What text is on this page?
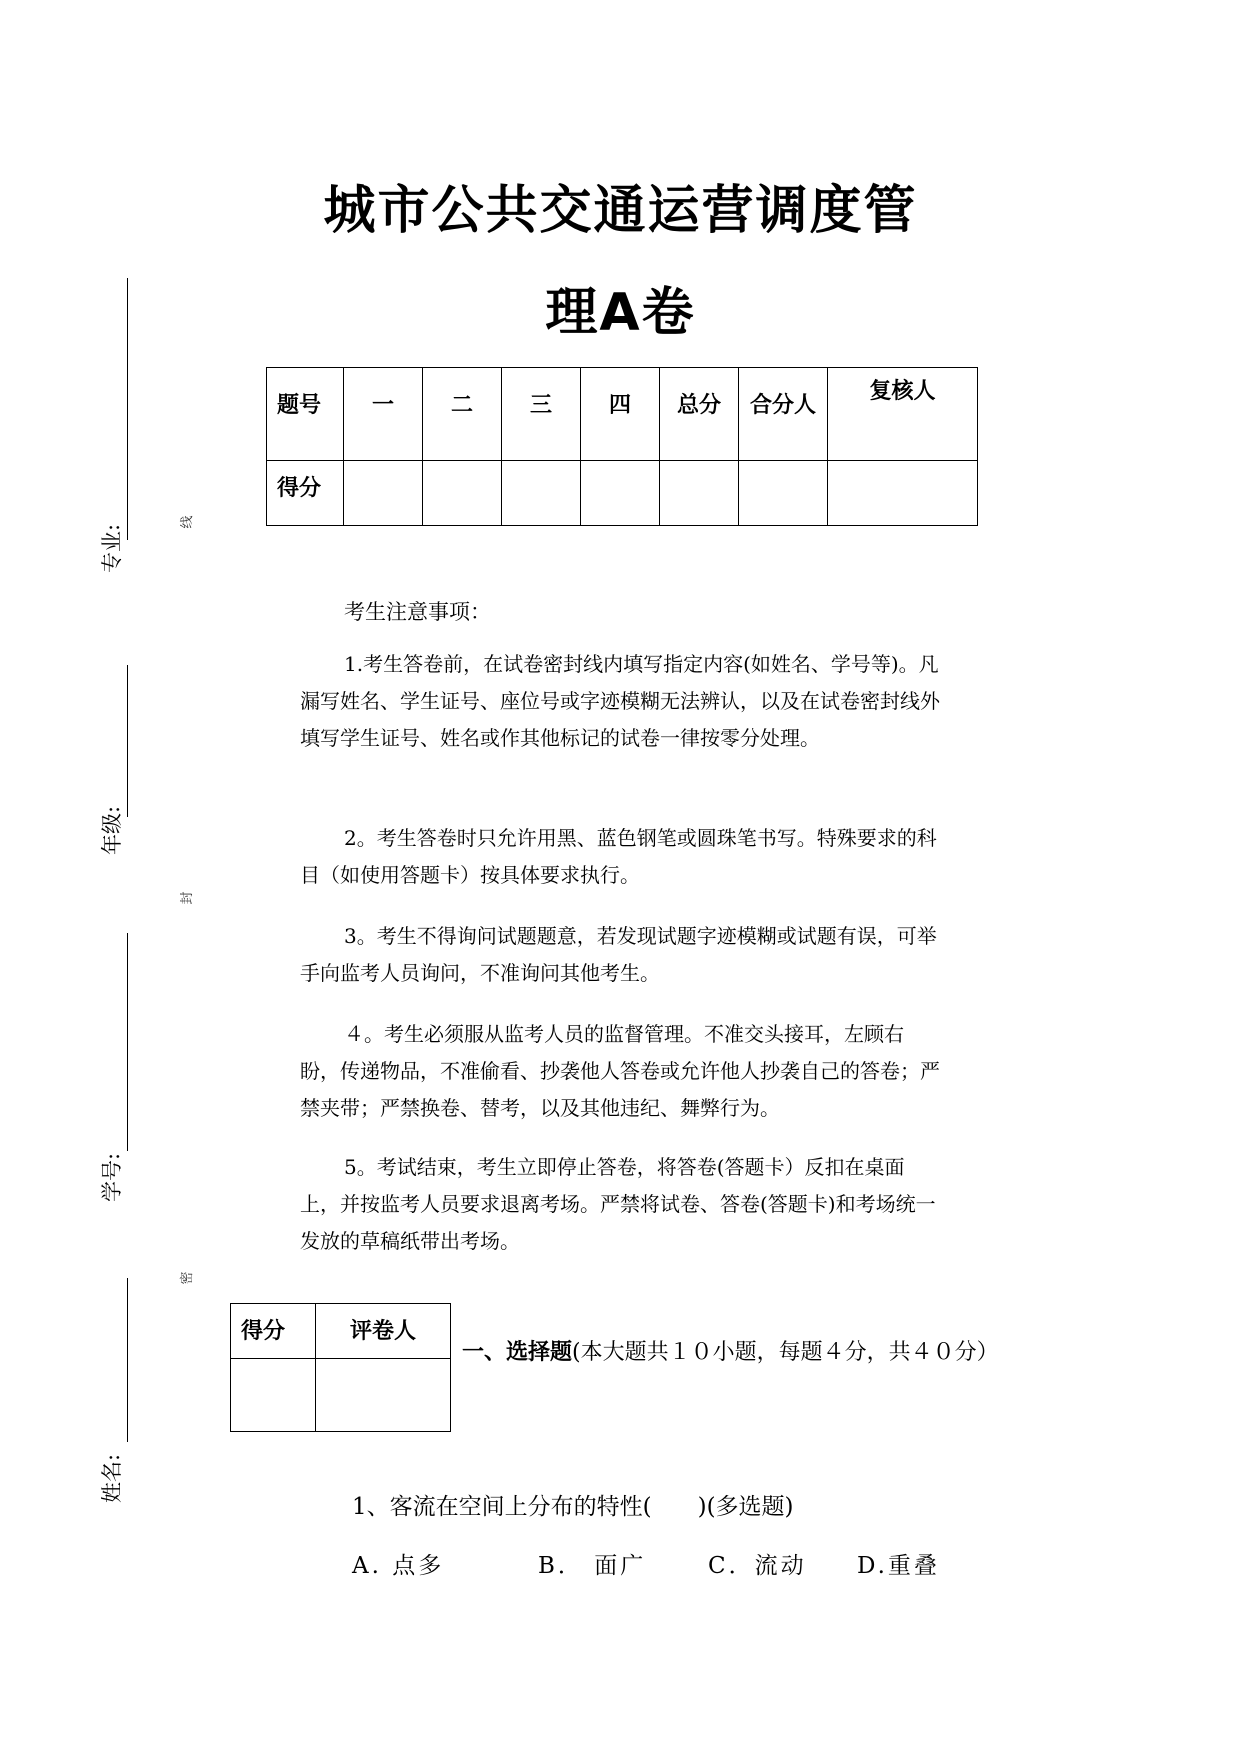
城市公共交通运营调度管
理A卷
题号	一	二	三	四	总分	合分人	复核人
得分							
考生注意事项：

1.考生答卷前，在试卷密封线内填写指定内容(如姓名、学号等)。凡漏写姓名、学生证号、座位号或字迹模糊无法辨认，以及在试卷密封线外填写学生证号、姓名或作其他标记的试卷一律按零分处理。

2。考生答卷时只允许用黑、蓝色钢笔或圆珠笔书写。特殊要求的科目（如使用答题卡）按具体要求执行。

3。考生不得询问试题题意，若发现试题字迹模糊或试题有误，可举手向监考人员询问，不准询问其他考生。

４。考生必须服从监考人员的监督管理。不准交头接耳，左顾右盼，传递物品，不准偷看、抄袭他人答卷或允许他人抄袭自己的答卷；严禁夹带；严禁换卷、替考，以及其他违纪、舞弊行为。

5。考试结束，考生立即停止答卷，将答卷(答题卡）反扣在桌面上，并按监考人员要求退离考场。严禁将试卷、答卷(答题卡)和考场统一发放的草稿纸带出考场。

得分	评卷人

一、选择题(本大题共１０小题，每题４分，共４０分）
1、客流在空间上分布的特性(　　)(多选题)
A. 点多	B． 面广	C．流动 D.重叠
专业:
年级:
学号:
姓名:
线
封
密
